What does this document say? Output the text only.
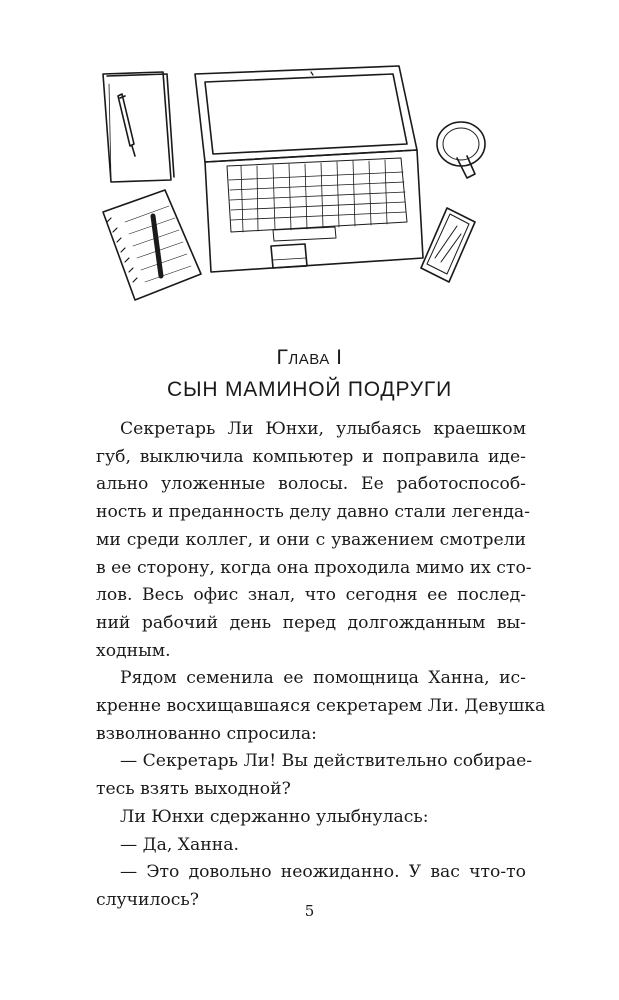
Глава I
СЫН МАМИНОЙ ПОДРУГИ
Секретарь Ли Юнхи, улыбаясь краешком
губ, выключила компьютер и поправила иде-
ально уложенные волосы. Ее работоспособ-
ность и преданность делу давно стали легенда-
ми среди коллег, и они с уважением смотрели
в ее сторону, когда она проходила мимо их сто-
лов. Весь офис знал, что сегодня ее послед-
ний рабочий день перед долгожданным вы-
ходным.
Рядом семенила ее помощница Ханна, ис-
кренне восхищавшаяся секретарем Ли. Девушка
взволнованно спросила:
— Секретарь Ли! Вы действительно собирае-
тесь взять выходной?
Ли Юнхи сдержанно улыбнулась:
— Да, Ханна.
— Это довольно неожиданно. У вас что-то
случилось?
5
